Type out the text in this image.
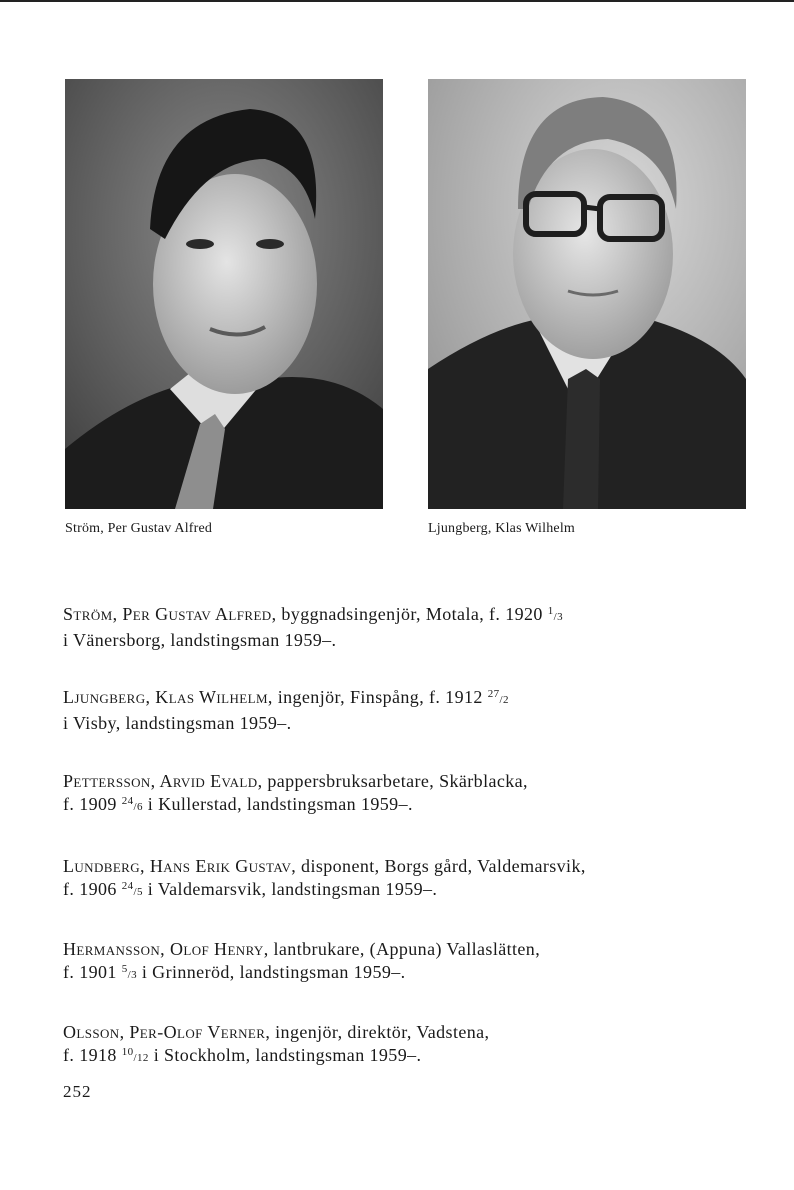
Ström, Per Gustav Alfred	Ljungberg, Klas Wilhelm
Ström, Per Gustav Alfred, byggnadsingenjör, Motala, f. 1920 $^1$/3
i Vänersborg, landstingsman 1959–.
Ljungberg, Klas Wilhelm, ingenjör, Finspång, f. 1912 $^{27}$/2
i Visby, landstingsman 1959–.
Pettersson, Arvid Evald, pappersbruksarbetare, Skärblacka,
f. 1909 $^{24}$/6 i Kullerstad, landstingsman 1959–.
Lundberg, Hans Erik Gustav, disponent, Borgs gård, Valdemarsvik,
f. 1906 $^{24}$/5 i Valdemarsvik, landstingsman 1959–.
Hermansson, Olof Henry, lantbrukare, (Appuna) Vallaslätten,
f. 1901 $^5$/3 i Grinneröd, landstingsman 1959–.
Olsson, Per-Olof Verner, ingenjör, direktör, Vadstena,
f. 1918 $^{10}$/12 i Stockholm, landstingsman 1959–.
252
